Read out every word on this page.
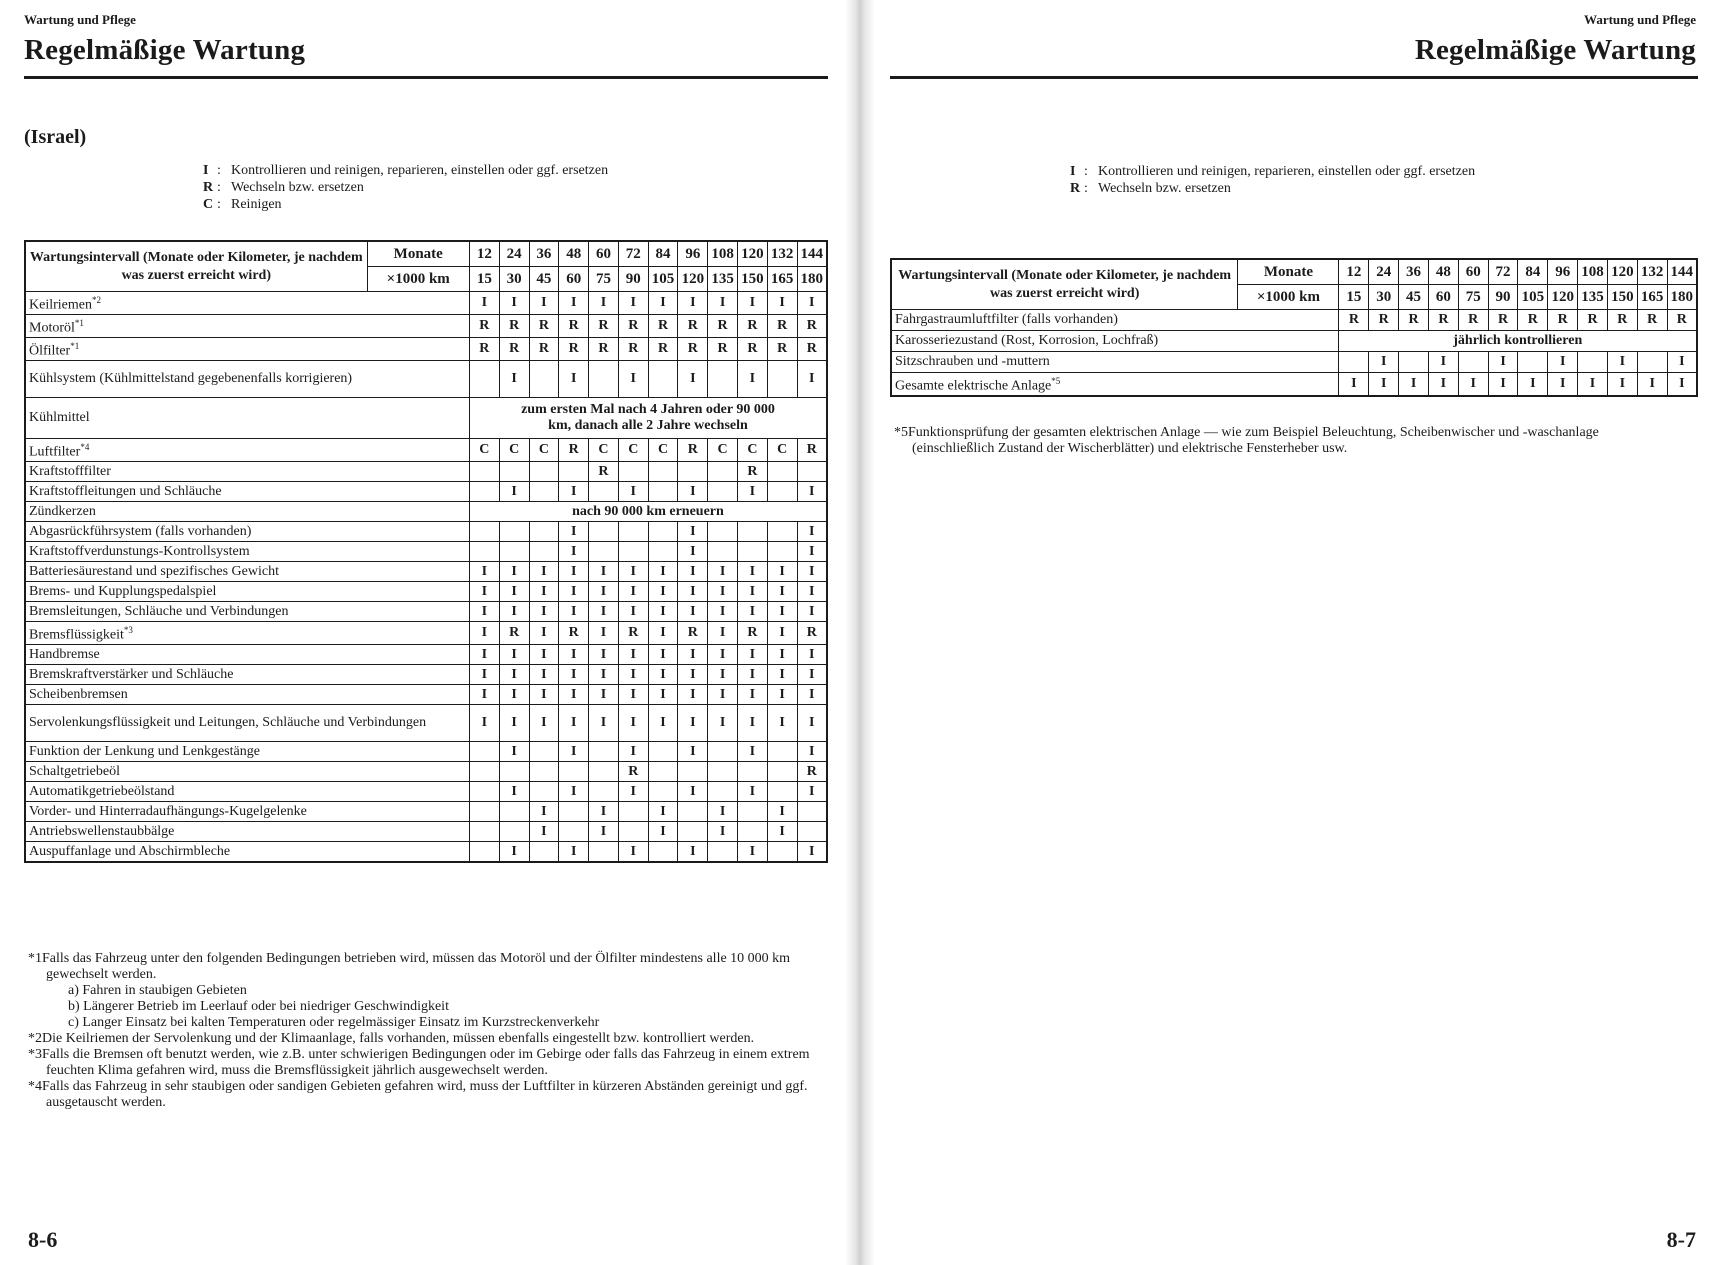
Wartung und Pflege
Regelmäßige Wartung
(Israel)
I : Kontrollieren und reinigen, reparieren, einstellen oder ggf. ersetzen
R : Wechseln bzw. ersetzen
C : Reinigen
Wartungsintervall (Monate oder Kilometer, je nachdem was zuerst erreicht wird)	Monate	12	24	36	48	60	72	84	96	108	120	132	144
	×1000 km	15	30	45	60	75	90	105	120	135	150	165	180
Keilriemen$^{*2}$		I	I	I	I	I	I	I	I	I	I	I	I
Motoröl$^{*1}$		R	R	R	R	R	R	R	R	R	R	R	R
Ölfilter$^{*1}$		R	R	R	R	R	R	R	R	R	R	R	R
Kühlsystem (Kühlmittelstand gegebenenfalls korrigieren)			I		I		I		I		I		I
Kühlmittel		zum ersten Mal nach 4 Jahren oder 90 000 km, danach alle 2 Jahre wechseln											
Luftfilter$^{*4}$		C	C	C	R	C	C	C	R	C	C	C	R
Kraftstofffilter						R					R		
Kraftstoffleitungen und Schläuche			I		I		I		I		I		I
Zündkerzen		nach 90 000 km erneuern											
Abgasrückführsystem (falls vorhanden)					I				I				I
Kraftstoffverdunstungs-Kontrollsystem					I				I				I
Batteriesäurestand und spezifisches Gewicht		I	I	I	I	I	I	I	I	I	I	I	I
Brems- und Kupplungspedalspiel		I	I	I	I	I	I	I	I	I	I	I	I
Bremsleitungen, Schläuche und Verbindungen		I	I	I	I	I	I	I	I	I	I	I	I
Bremsflüssigkeit$^{*3}$		I	R	I	R	I	R	I	R	I	R	I	R
Handbremse		I	I	I	I	I	I	I	I	I	I	I	I
Bremskraftverstärker und Schläuche		I	I	I	I	I	I	I	I	I	I	I	I
Scheibenbremsen		I	I	I	I	I	I	I	I	I	I	I	I
Servolenkungsflüssigkeit und Leitungen, Schläuche und Verbindungen		I	I	I	I	I	I	I	I	I	I	I	I
Funktion der Lenkung und Lenkgestänge			I		I		I		I		I		I
Schaltgetriebeöl							R						R
Automatikgetriebeölstand			I		I		I		I		I		I
Vorder- und Hinterradaufhängungs-Kugelgelenke				I		I		I		I		I	
Antriebswellenstaubbälge				I		I		I		I		I	
Auspuffanlage und Abschirmbleche			I		I		I		I		I		I

*1Falls das Fahrzeug unter den folgenden Bedingungen betrieben wird, müssen das Motoröl und der Ölfilter mindestens alle 10 000 km gewechselt werden.

a) Fahren in staubigen Gebieten

b) Längerer Betrieb im Leerlauf oder bei niedriger Geschwindigkeit

c) Langer Einsatz bei kalten Temperaturen oder regelmässiger Einsatz im Kurzstreckenverkehr

*2Die Keilriemen der Servolenkung und der Klimaanlage, falls vorhanden, müssen ebenfalls eingestellt bzw. kontrolliert werden.

*3Falls die Bremsen oft benutzt werden, wie z.B. unter schwierigen Bedingungen oder im Gebirge oder falls das Fahrzeug in einem extrem feuchten Klima gefahren wird, muss die Bremsflüssigkeit jährlich ausgewechselt werden.

*4Falls das Fahrzeug in sehr staubigen oder sandigen Gebieten gefahren wird, muss der Luftfilter in kürzeren Abständen gereinigt und ggf. ausgetauscht werden.

8-6
Wartung und Pflege
Regelmäßige Wartung
I : Kontrollieren und reinigen, reparieren, einstellen oder ggf. ersetzen
R : Wechseln bzw. ersetzen
Wartungsintervall (Monate oder Kilometer, je nachdem was zuerst erreicht wird)	Monate	12	24	36	48	60	72	84	96	108	120	132	144
	×1000 km	15	30	45	60	75	90	105	120	135	150	165	180
Fahrgastraumluftfilter (falls vorhanden)		R	R	R	R	R	R	R	R	R	R	R	R
Karosseriezustand (Rost, Korrosion, Lochfraß)		jährlich kontrollieren											
Sitzschrauben und -muttern			I		I		I		I		I		I
Gesamte elektrische Anlage$^{*5}$		I	I	I	I	I	I	I	I	I	I	I	I

*5Funktionsprüfung der gesamten elektrischen Anlage — wie zum Beispiel Beleuchtung, Scheibenwischer und -waschanlage (einschließlich Zustand der Wischerblätter) und elektrische Fensterheber usw.

8-7
